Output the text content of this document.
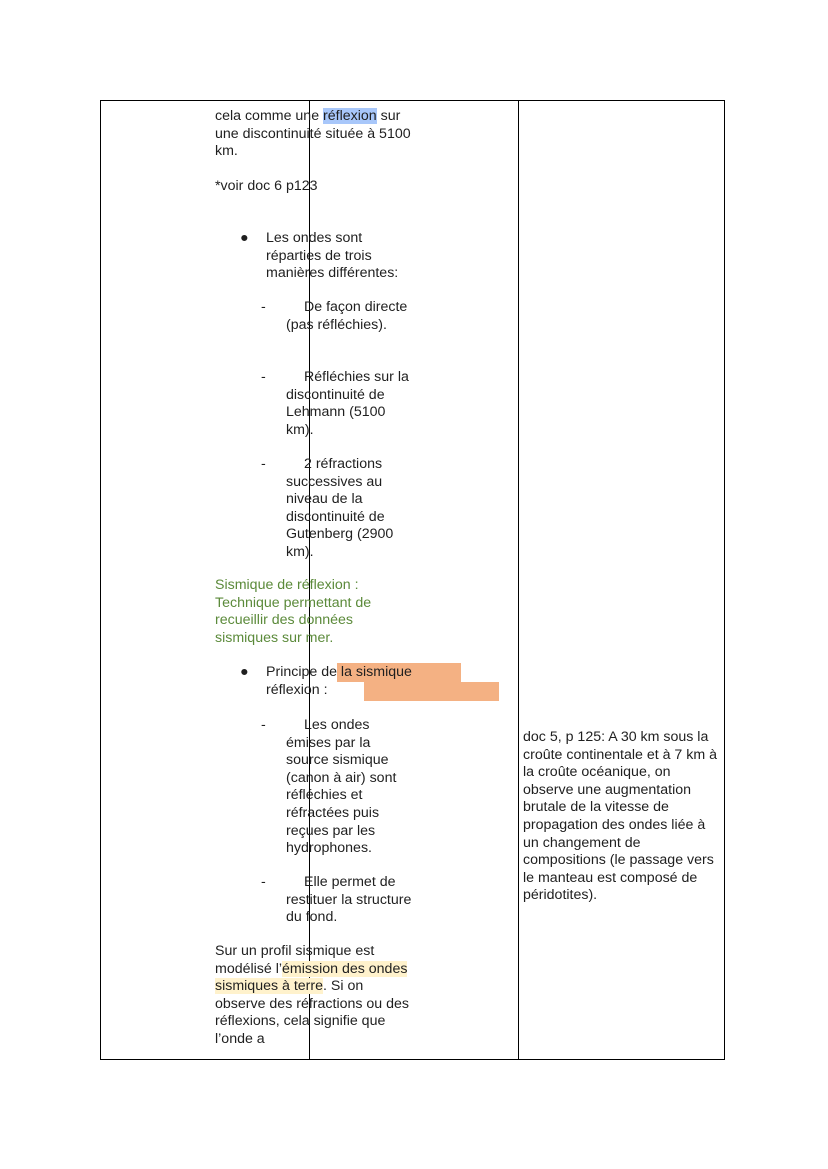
cela comme une réflexion sur une discontinuité située à 5100 km.
*voir doc 6 p123
● Les ondes sont réparties de trois manières différentes:
-	De façon directe (pas réfléchies).
-	Réfléchies sur la discontinuité de Lehmann (5100 km).
-	2 réfractions successives au niveau de la discontinuité de Gutenberg (2900 km).
Sismique de réflexion : Technique permettant de recueillir des données sismiques sur mer.
● Principe de la sismique réflexion :
-	Les ondes émises par la source sismique (canon à air) sont réfléchies et réfractées puis reçues par les hydrophones.
-	Elle permet de restituer la structure du fond.
Sur un profil sismique est modélisé l’émission des ondes sismiques à terre. Si on observe des réfractions ou des réflexions, cela signifie que l’onde a
doc 5, p 125: A 30 km sous la croûte continentale et à 7 km à la croûte océanique, on observe une augmentation brutale de la vitesse de propagation des ondes liée à un changement de compositions (le passage vers le manteau est composé de péridotites).
